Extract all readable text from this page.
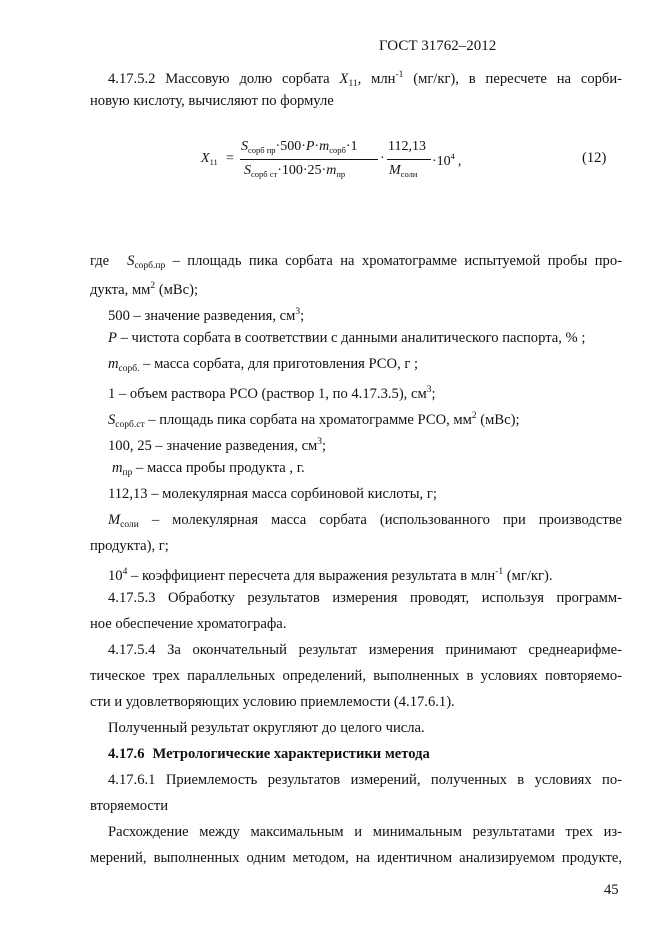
ГОСТ 31762–2012
4.17.5.2 Массовую долю сорбата $X_{11}$, млн$^{-1}$ (мг/кг), в пересчете на сорби-
новую кислоту, вычисляют по формуле
$X_{11}$ =
$S_{сорб пр}\cdot 500\cdot P\cdot m_{сорб}\cdot 1$
$S_{сорб ст}\cdot 100\cdot 25\cdot m_{пр}$
·
112,13
$M_{соли}$
$\cdot 10^4$ ,	(12)
где $S_{сорб.пр}$ – площадь пика сорбата на хроматограмме испытуемой пробы про-
дукта, $мм^2$ (мВс);
500 – значение разведения, $см^3$;
P – чистота сорбата в соответствии с данными аналитического паспорта, % ;
$m_{сорб.}$ – масса сорбата, для приготовления РСО, г ;
1 – объем раствора РСО (раствор 1, по 4.17.3.5), $см^3$;
$S_{сорб.ст}$ – площадь пика сорбата на хроматограмме РСО, $мм^2$ (мВс);
100, 25 – значение разведения, $см^3$;
$m_{пр}$ – масса пробы продукта , г.
112,13 – молекулярная масса сорбиновой кислоты, г;
$M_{соли}$ – молекулярная масса сорбата (использованного при производстве
продукта), г;
$10^4$ – коэффициент пересчета для выражения результата в млн$^{-1}$ (мг/кг).
4.17.5.3 Обработку результатов измерения проводят, используя программ-
ное обеспечение хроматографа.
4.17.5.4 За окончательный результат измерения принимают среднеарифме-
тическое трех параллельных определений, выполненных в условиях повторяемо-
сти и удовлетворяющих условию приемлемости (4.17.6.1).
Полученный результат округляют до целого числа.
4.17.6 Метрологические характеристики метода
4.17.6.1 Приемлемость результатов измерений, полученных в условиях по-
вторяемости
Расхождение между максимальным и минимальным результатами трех из-
мерений, выполненных одним методом, на идентичном анализируемом продукте,
45
